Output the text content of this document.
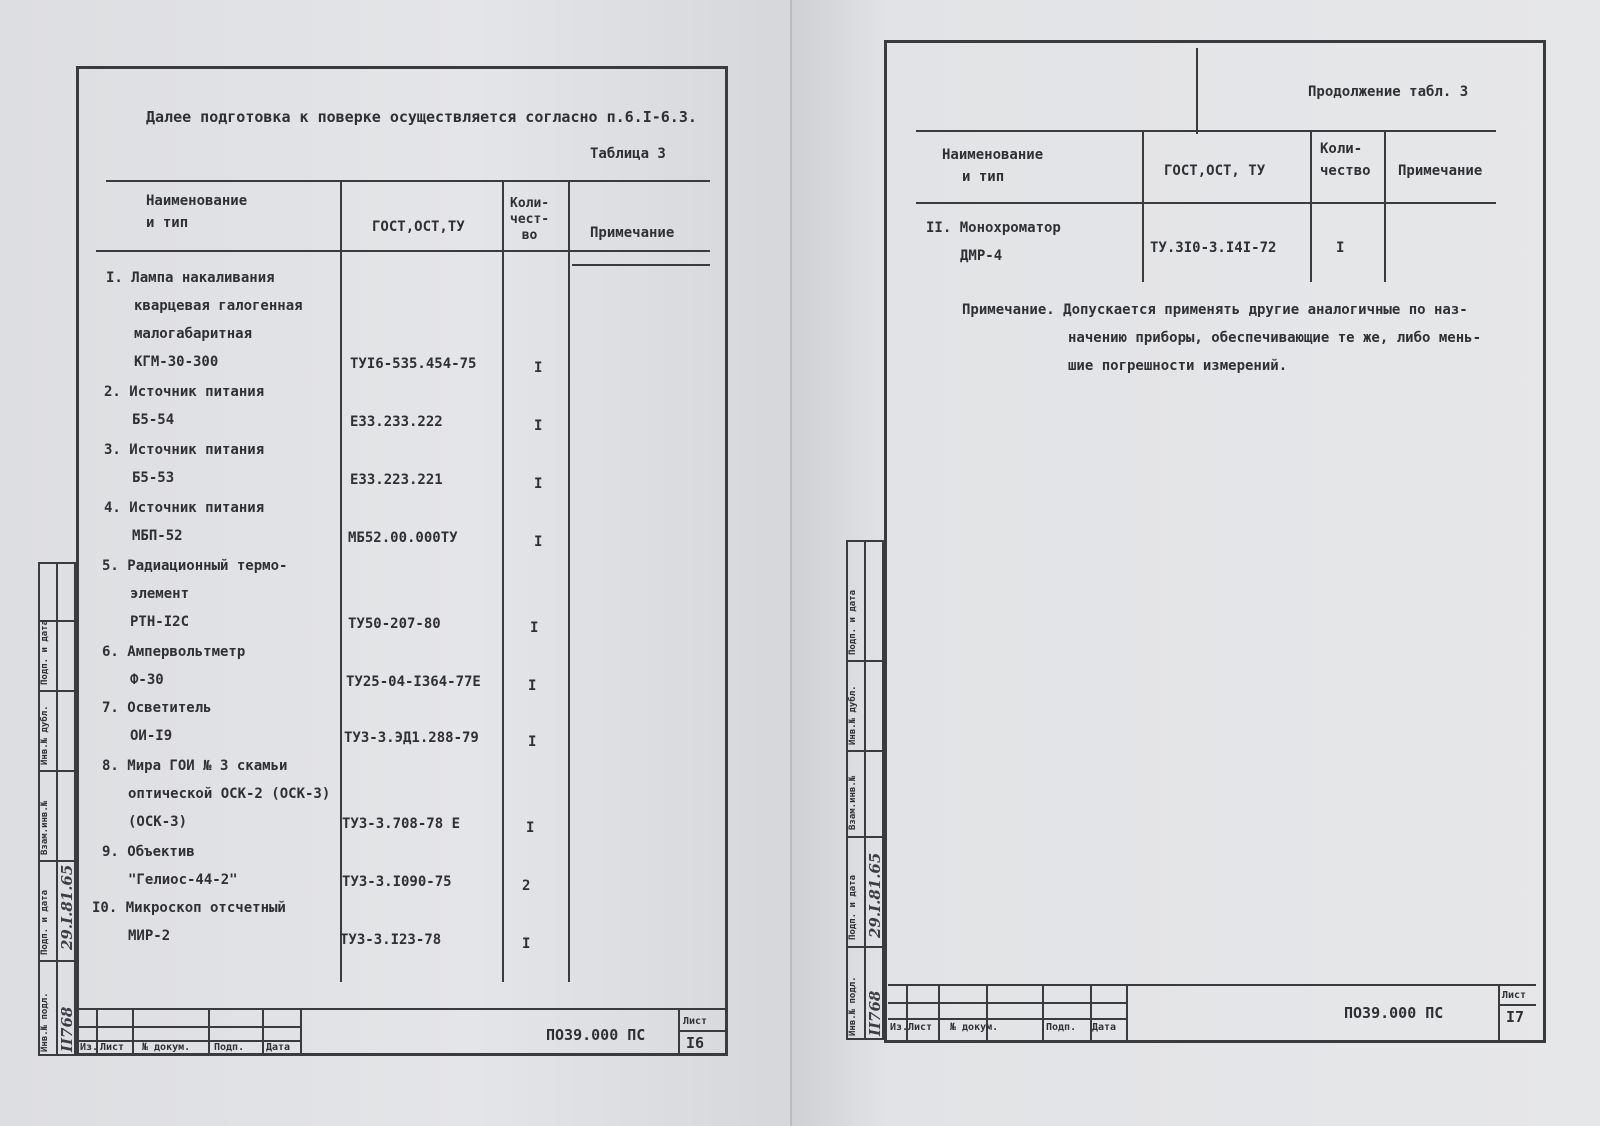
Далее подготовка к поверке осуществляется согласно п.6.I-6.3.
Таблица 3
Наименование
и тип	ГОСТ,ОСТ,ТУ
Коли-
чест-
во	Примечание
I. Лампа накаливания
кварцевая галогенная
малогабаритная
КГМ-30-300	ТУI6-535.454-75	I
2. Источник питания
Б5-54	ЕЗЗ.233.222	I
3. Источник питания
Б5-53	ЕЗЗ.223.221	I
4. Источник питания
МБП-52	МБ52.00.000ТУ	I
5. Радиационный термо-
элемент
РТН-I2С	ТУ50-207-80	I
6. Ампервольтметр
Ф-30	ТУ25-04-I364-77Е	I
7. Осветитель
ОИ-I9	ТУЗ-3.ЭД1.288-79	I
8. Мира ГОИ № 3 скамьи
оптической ОСК-2 (ОСК-3)
(ОСК-3)	ТУЗ-3.708-78 Е	I
9. Объектив
"Гелиос-44-2"	ТУЗ-3.I090-75	2
I0. Микроскоп отсчетный
МИР-2	ТУЗ-3.I23-78	I
Из. Лист № докум. Подп. Дата
ПОЗ9.000 ПС
Лист
I6
Инв.№ подл.
Подп. и дата
Взам.инв.№
Инв.№ дубл.
Подп. и дата
II768
29.I.81.65
Продолжение табл. 3
Наименование
и тип	ГОСТ,ОСТ, ТУ
Коли-
чество Примечание
II. Монохроматор
ДМР-4	ТУ.3I0-3.I4I-72	I
Примечание. Допускается применять другие аналогичные по наз-
начению приборы, обеспечивающие те же, либо мень-
шие погрешности измерений.
Из. Лист № докум.	Подп. Дата
ПОЗ9.000 ПС
Лист
I7
Инв.№ подл.
Подп. и дата
Взам.инв.№
Инв.№ дубл.
Подп. и дата
II768
29.I.81.65
